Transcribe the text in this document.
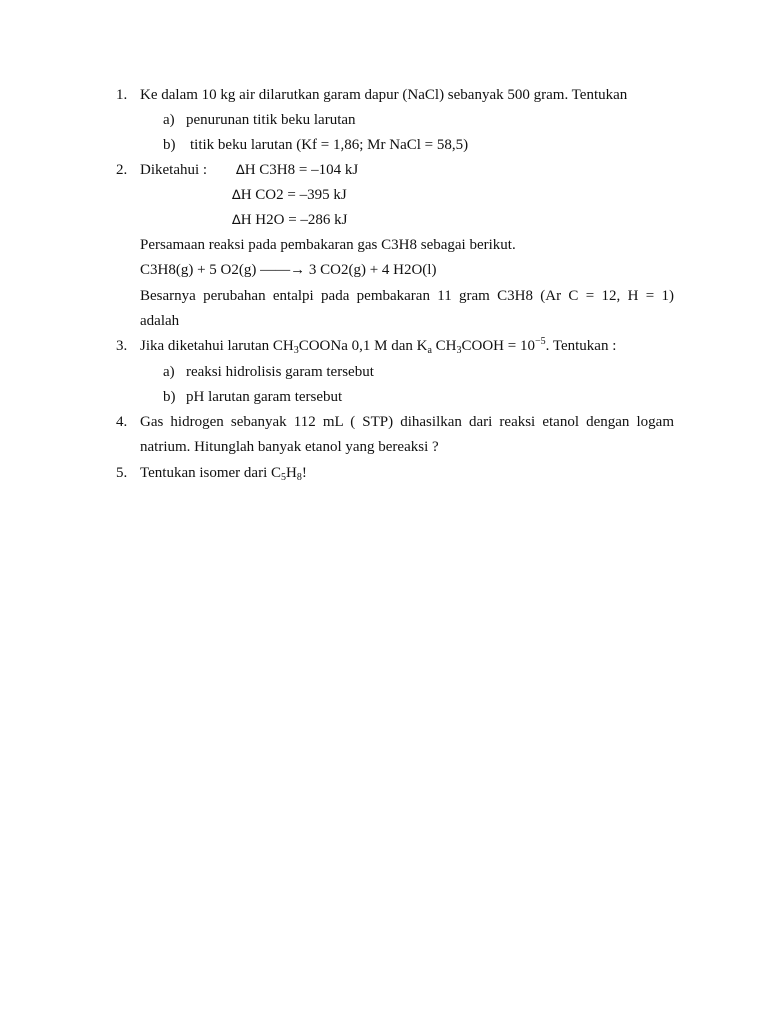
1. Ke dalam 10 kg air dilarutkan garam dapur (NaCl) sebanyak 500 gram. Tentukan
a) penurunan titik beku larutan
b) titik beku larutan (Kf = 1,86; Mr NaCl = 58,5)
2. Diketahui : ∆H C3H8 = –104 kJ
∆H CO2 = –395 kJ
∆H H2O = –286 kJ
Persamaan reaksi pada pembakaran gas C3H8 sebagai berikut.
C3H8(g) + 5 O2(g) ——→ 3 CO2(g) + 4 H2O(l)
Besarnya perubahan entalpi pada pembakaran 11 gram C3H8 (Ar C = 12, H = 1)
adalah
3. Jika diketahui larutan $CH_3COONa$ 0,1 M dan $K_a$ $CH_3COOH = 10^{-5}$. Tentukan :
a) reaksi hidrolisis garam tersebut
b) pH larutan garam tersebut
4. Gas hidrogen sebanyak 112 mL ( STP) dihasilkan dari reaksi etanol dengan logam
natrium. Hitunglah banyak etanol yang bereaksi ?
5. Tentukan isomer dari $C_5H_8$!
